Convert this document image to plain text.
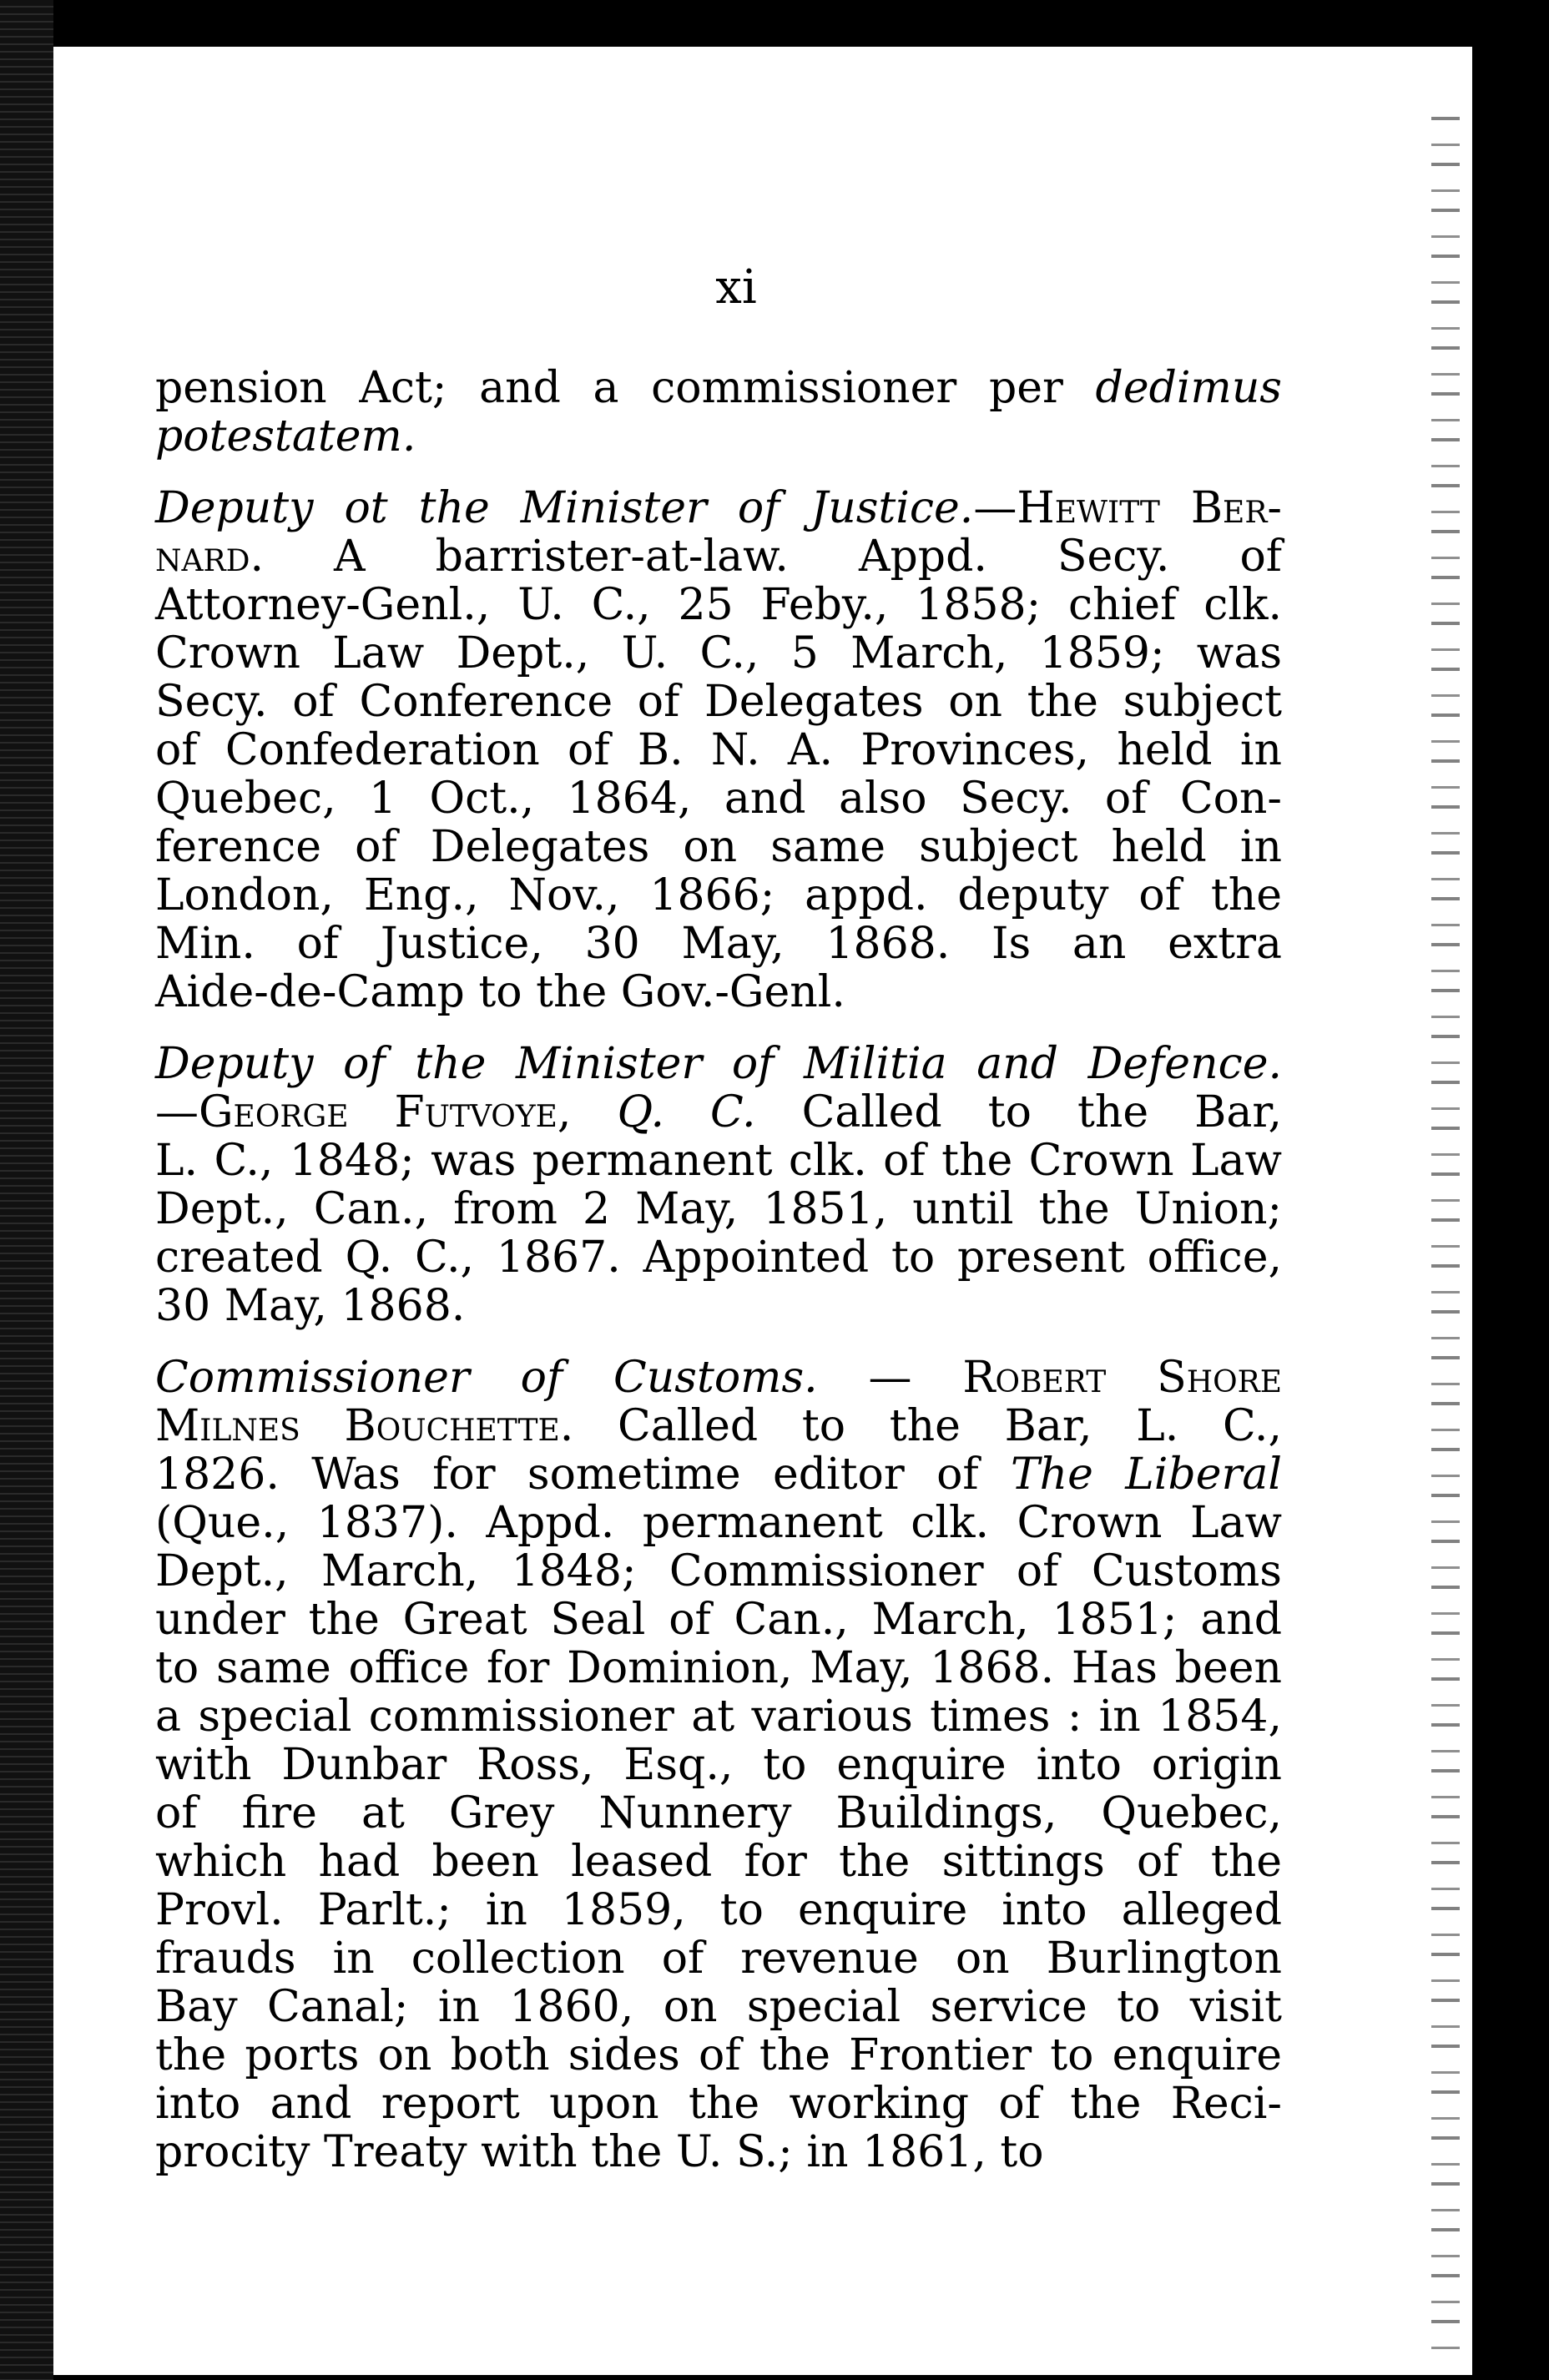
xi
pension Act; and a commissioner per dedimus
potestatem.
Deputy ot the Minister of Justice.—Hewitt Ber-
nard. A barrister-at-law. Appd. Secy. of
Attorney-Genl., U. C., 25 Feby., 1858; chief clk.
Crown Law Dept., U. C., 5 March, 1859; was
Secy. of Conference of Delegates on the subject
of Confederation of B. N. A. Provinces, held in
Quebec, 1 Oct., 1864, and also Secy. of Con-
ference of Delegates on same subject held in
London, Eng., Nov., 1866; appd. deputy of the
Min. of Justice, 30 May, 1868. Is an extra
Aide-de-Camp to the Gov.-Genl.
Deputy of the Minister of Militia and Defence.
—George Futvoye, Q. C. Called to the Bar,
L. C., 1848; was permanent clk. of the Crown Law
Dept., Can., from 2 May, 1851, until the Union;
created Q. C., 1867. Appointed to present office,
30 May, 1868.
Commissioner of Customs. — Robert Shore
Milnes Bouchette. Called to the Bar, L. C.,
1826. Was for sometime editor of The Liberal
(Que., 1837). Appd. permanent clk. Crown Law
Dept., March, 1848; Commissioner of Customs
under the Great Seal of Can., March, 1851; and
to same office for Dominion, May, 1868. Has been
a special commissioner at various times : in 1854,
with Dunbar Ross, Esq., to enquire into origin
of fire at Grey Nunnery Buildings, Quebec,
which had been leased for the sittings of the
Provl. Parlt.; in 1859, to enquire into alleged
frauds in collection of revenue on Burlington
Bay Canal; in 1860, on special service to visit
the ports on both sides of the Frontier to enquire
into and report upon the working of the Reci-
procity Treaty with the U. S.; in 1861, to
